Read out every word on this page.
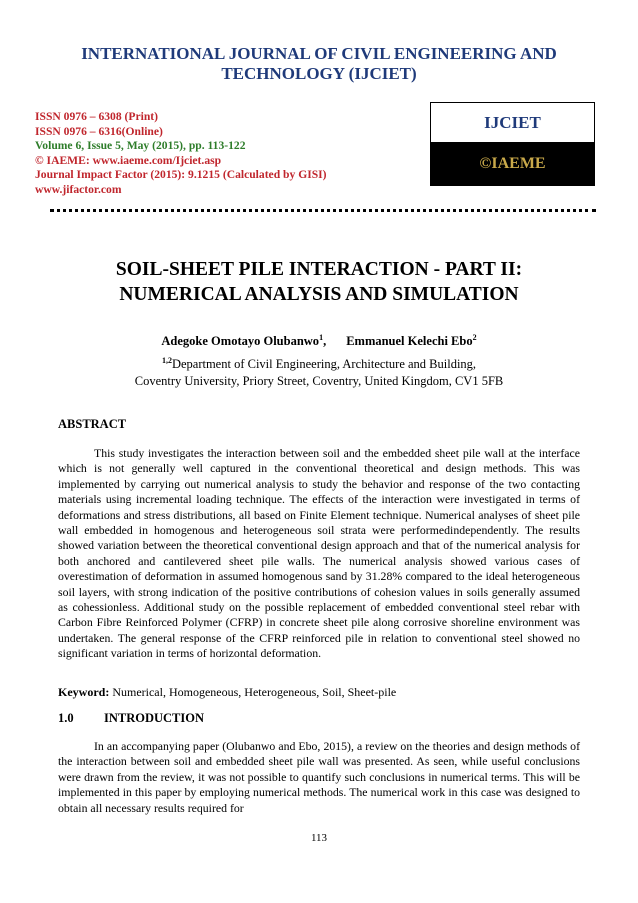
INTERNATIONAL JOURNAL OF CIVIL ENGINEERING AND TECHNOLOGY (IJCIET)
ISSN 0976 – 6308 (Print)
ISSN 0976 – 6316(Online)
Volume 6, Issue 5, May (2015), pp. 113-122
© IAEME: www.iaeme.com/Ijciet.asp
Journal Impact Factor (2015): 9.1215 (Calculated by GISI)
www.jifactor.com
IJCIET
©IAEME
SOIL-SHEET PILE INTERACTION - PART II: NUMERICAL ANALYSIS AND SIMULATION
Adegoke Omotayo Olubanwo$^1$, Emmanuel Kelechi Ebo$^2$
$^{1,2}$Department of Civil Engineering, Architecture and Building,
Coventry University, Priory Street, Coventry, United Kingdom, CV1 5FB
ABSTRACT

This study investigates the interaction between soil and the embedded sheet pile wall at the interface which is not generally well captured in the conventional theoretical and design methods. This was implemented by carrying out numerical analysis to study the behavior and response of the two contacting materials using incremental loading technique. The effects of the interaction were investigated in terms of deformations and stress distributions, all based on Finite Element technique. Numerical analyses of sheet pile wall embedded in homogenous and heterogeneous soil strata were performedindependently. The results showed variation between the theoretical conventional design approach and that of the numerical analysis for both anchored and cantilevered sheet pile walls. The numerical analysis showed various cases of overestimation of deformation in assumed homogenous sand by 31.28% compared to the ideal heterogeneous soil layers, with strong indication of the positive contributions of cohesion values in soils generally assumed as cohessionless. Additional study on the possible replacement of embedded conventional steel rebar with Carbon Fibre Reinforced Polymer (CFRP) in concrete sheet pile along corrosive shoreline environment was undertaken. The general response of the CFRP reinforced pile in relation to conventional steel showed no significant variation in terms of horizontal deformation.

Keyword: Numerical, Homogeneous, Heterogeneous, Soil, Sheet-pile
1.0 INTRODUCTION

In an accompanying paper (Olubanwo and Ebo, 2015), a review on the theories and design methods of the interaction between soil and embedded sheet pile wall was presented. As seen, while useful conclusions were drawn from the review, it was not possible to quantify such conclusions in numerical terms. This will be implemented in this paper by employing numerical methods. The numerical work in this case was designed to obtain all necessary results required for

113
